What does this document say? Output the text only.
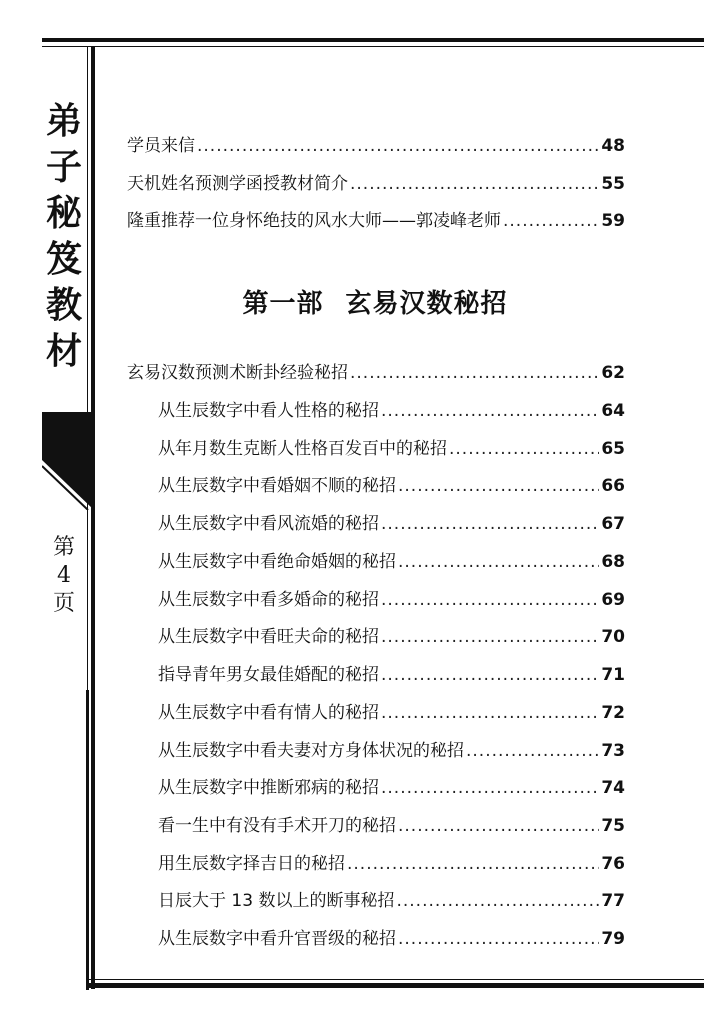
弟
子
秘
笈
教
材
第
4
页
学员来信 .....	48
天机姓名预测学函授教材简介 .....	55
隆重推荐一位身怀绝技的风水大师——郭凌峰老师 .....	59
第一部 玄易汉数秘招
玄易汉数预测术断卦经验秘招 .....	62
从生辰数字中看人性格的秘招 .....	64
从年月数生克断人性格百发百中的秘招 .....	65
从生辰数字中看婚姻不顺的秘招 .....	66
从生辰数字中看风流婚的秘招 .....	67
从生辰数字中看绝命婚姻的秘招 .....	68
从生辰数字中看多婚命的秘招 .....	69
从生辰数字中看旺夫命的秘招 .....	70
指导青年男女最佳婚配的秘招 .....	71
从生辰数字中看有情人的秘招 .....	72
从生辰数字中看夫妻对方身体状况的秘招 .....	73
从生辰数字中推断邪病的秘招 .....	74
看一生中有没有手术开刀的秘招 .....	75
用生辰数字择吉日的秘招 .....	76
日辰大于 13 数以上的断事秘招 .....	77
从生辰数字中看升官晋级的秘招 .....	79
